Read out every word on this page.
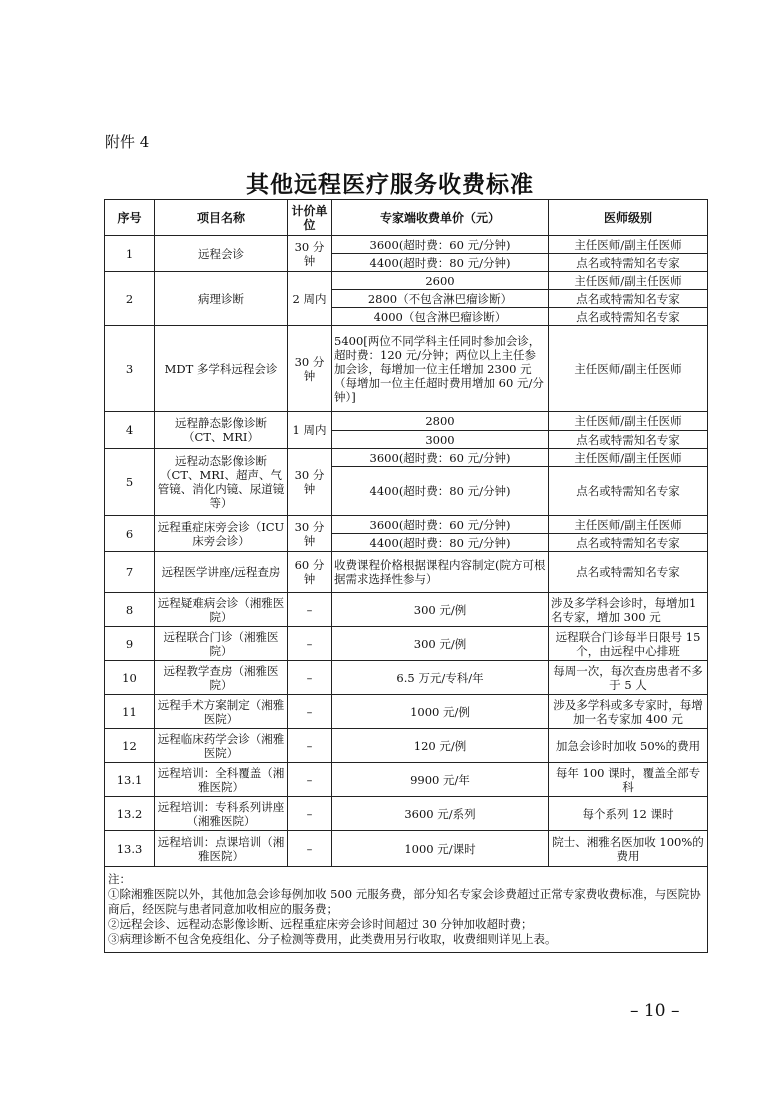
附件 4
其他远程医疗服务收费标准
序号	项目名称	计价单位	专家端收费单价（元）	医师级别
1	远程会诊	30 分钟	3600(超时费：60 元/分钟)	主任医师/副主任医师
			4400(超时费：80 元/分钟)	点名或特需知名专家
2	病理诊断	2 周内	2600	主任医师/副主任医师
			2800（不包含淋巴瘤诊断）	点名或特需知名专家
			4000（包含淋巴瘤诊断）	点名或特需知名专家
3	MDT 多学科远程会诊	30 分钟	5400[两位不同学科主任同时参加会诊，超时费：120 元/分钟；两位以上主任参加会诊，每增加一位主任增加 2300 元（每增加一位主任超时费用增加 60 元/分钟）]	主任医师/副主任医师
4	远程静态影像诊断（CT、MRI）	1 周内	2800	主任医师/副主任医师
			3000	点名或特需知名专家
5	远程动态影像诊断（CT、MRI、超声、气管镜、消化内镜、尿道镜等）	30 分钟	3600(超时费：60 元/分钟)	主任医师/副主任医师
			4400(超时费：80 元/分钟)	点名或特需知名专家
6	远程重症床旁会诊（ICU 床旁会诊）	30 分钟	3600(超时费：60 元/分钟)	主任医师/副主任医师
			4400(超时费：80 元/分钟)	点名或特需知名专家
7	远程医学讲座/远程查房	60 分钟	收费课程价格根据课程内容制定(院方可根据需求选择性参与）	点名或特需知名专家
8	远程疑难病会诊（湘雅医院）	–	300 元/例	涉及多学科会诊时，每增加1 名专家，增加 300 元
9	远程联合门诊（湘雅医院）	–	300 元/例	远程联合门诊每半日限号 15 个，由远程中心排班
10	远程教学查房（湘雅医院）	–	6.5 万元/专科/年	每周一次，每次查房患者不多于 5 人
11	远程手术方案制定（湘雅医院）	–	1000 元/例	涉及多学科或多专家时，每增加一名专家加 400 元
12	远程临床药学会诊（湘雅医院）	–	120 元/例	加急会诊时加收 50%的费用
13.1	远程培训：全科覆盖（湘雅医院）	–	9900 元/年	每年 100 课时，覆盖全部专科
13.2	远程培训：专科系列讲座（湘雅医院）	–	3600 元/系列	每个系列 12 课时
13.3	远程培训：点课培训（湘雅医院）	–	1000 元/课时	院士、湘雅名医加收 100%的费用

注：
①除湘雅医院以外，其他加急会诊每例加收 500 元服务费，部分知名专家会诊费超过正常专家费收费标准，与医院协商后，经医院与患者同意加收相应的服务费；
②远程会诊、远程动态影像诊断、远程重症床旁会诊时间超过 30 分钟加收超时费；
③病理诊断不包含免疫组化、分子检测等费用，此类费用另行收取，收费细则详见上表。				
– 10 –
